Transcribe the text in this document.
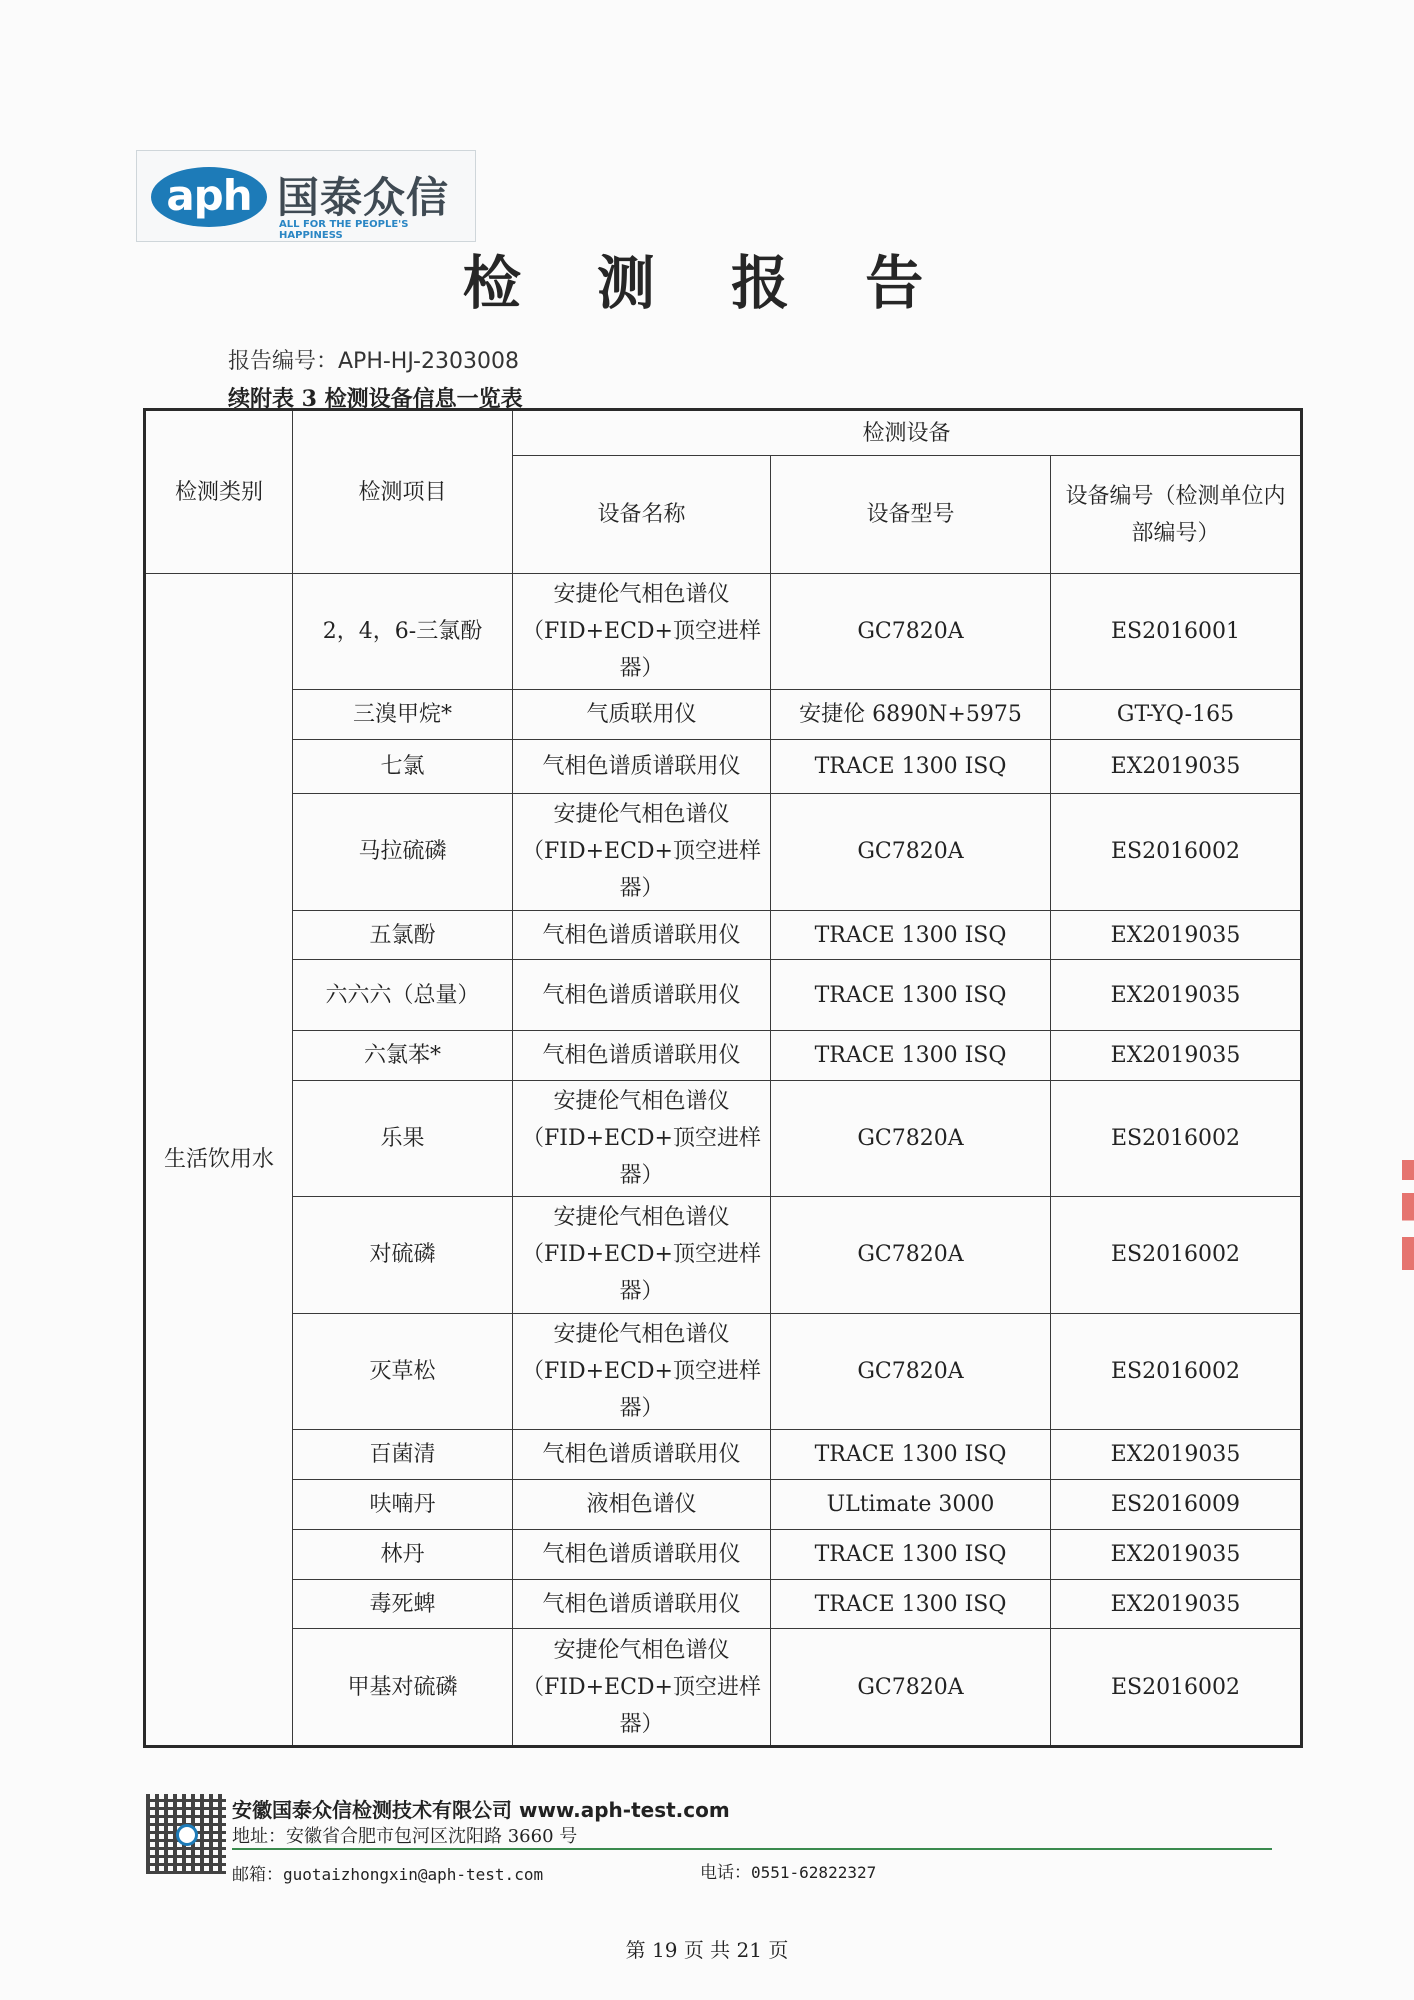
aph 国泰众信
ALL FOR THE PEOPLE'S HAPPINESS
检 测 报 告
报告编号：APH-HJ-2303008
续附表 3 检测设备信息一览表
检测类别	检测项目	检测设备		
		设备名称	设备型号	设备编号（检测单位内部编号）
生活饮用水	2，4，6-三氯酚	安捷伦气相色谱仪（FID+ECD+顶空进样器）	GC7820A	ES2016001
	三溴甲烷*	气质联用仪	安捷伦 6890N+5975	GT-YQ-165
	七氯	气相色谱质谱联用仪	TRACE 1300 ISQ	EX2019035
	马拉硫磷	安捷伦气相色谱仪（FID+ECD+顶空进样器）	GC7820A	ES2016002
	五氯酚	气相色谱质谱联用仪	TRACE 1300 ISQ	EX2019035
	六六六（总量）	气相色谱质谱联用仪	TRACE 1300 ISQ	EX2019035
	六氯苯*	气相色谱质谱联用仪	TRACE 1300 ISQ	EX2019035
	乐果	安捷伦气相色谱仪（FID+ECD+顶空进样器）	GC7820A	ES2016002
	对硫磷	安捷伦气相色谱仪（FID+ECD+顶空进样器）	GC7820A	ES2016002
	灭草松	安捷伦气相色谱仪（FID+ECD+顶空进样器）	GC7820A	ES2016002
	百菌清	气相色谱质谱联用仪	TRACE 1300 ISQ	EX2019035
	呋喃丹	液相色谱仪	ULtimate 3000	ES2016009
	林丹	气相色谱质谱联用仪	TRACE 1300 ISQ	EX2019035
	毒死蜱	气相色谱质谱联用仪	TRACE 1300 ISQ	EX2019035
	甲基对硫磷	安捷伦气相色谱仪（FID+ECD+顶空进样器）	GC7820A	ES2016002
安徽国泰众信检测技术有限公司 www.aph-test.com
地址：安徽省合肥市包河区沈阳路 3660 号
邮箱：guotaizhongxin@aph-test.com	电话：0551-62822327
第 19 页 共 21 页
